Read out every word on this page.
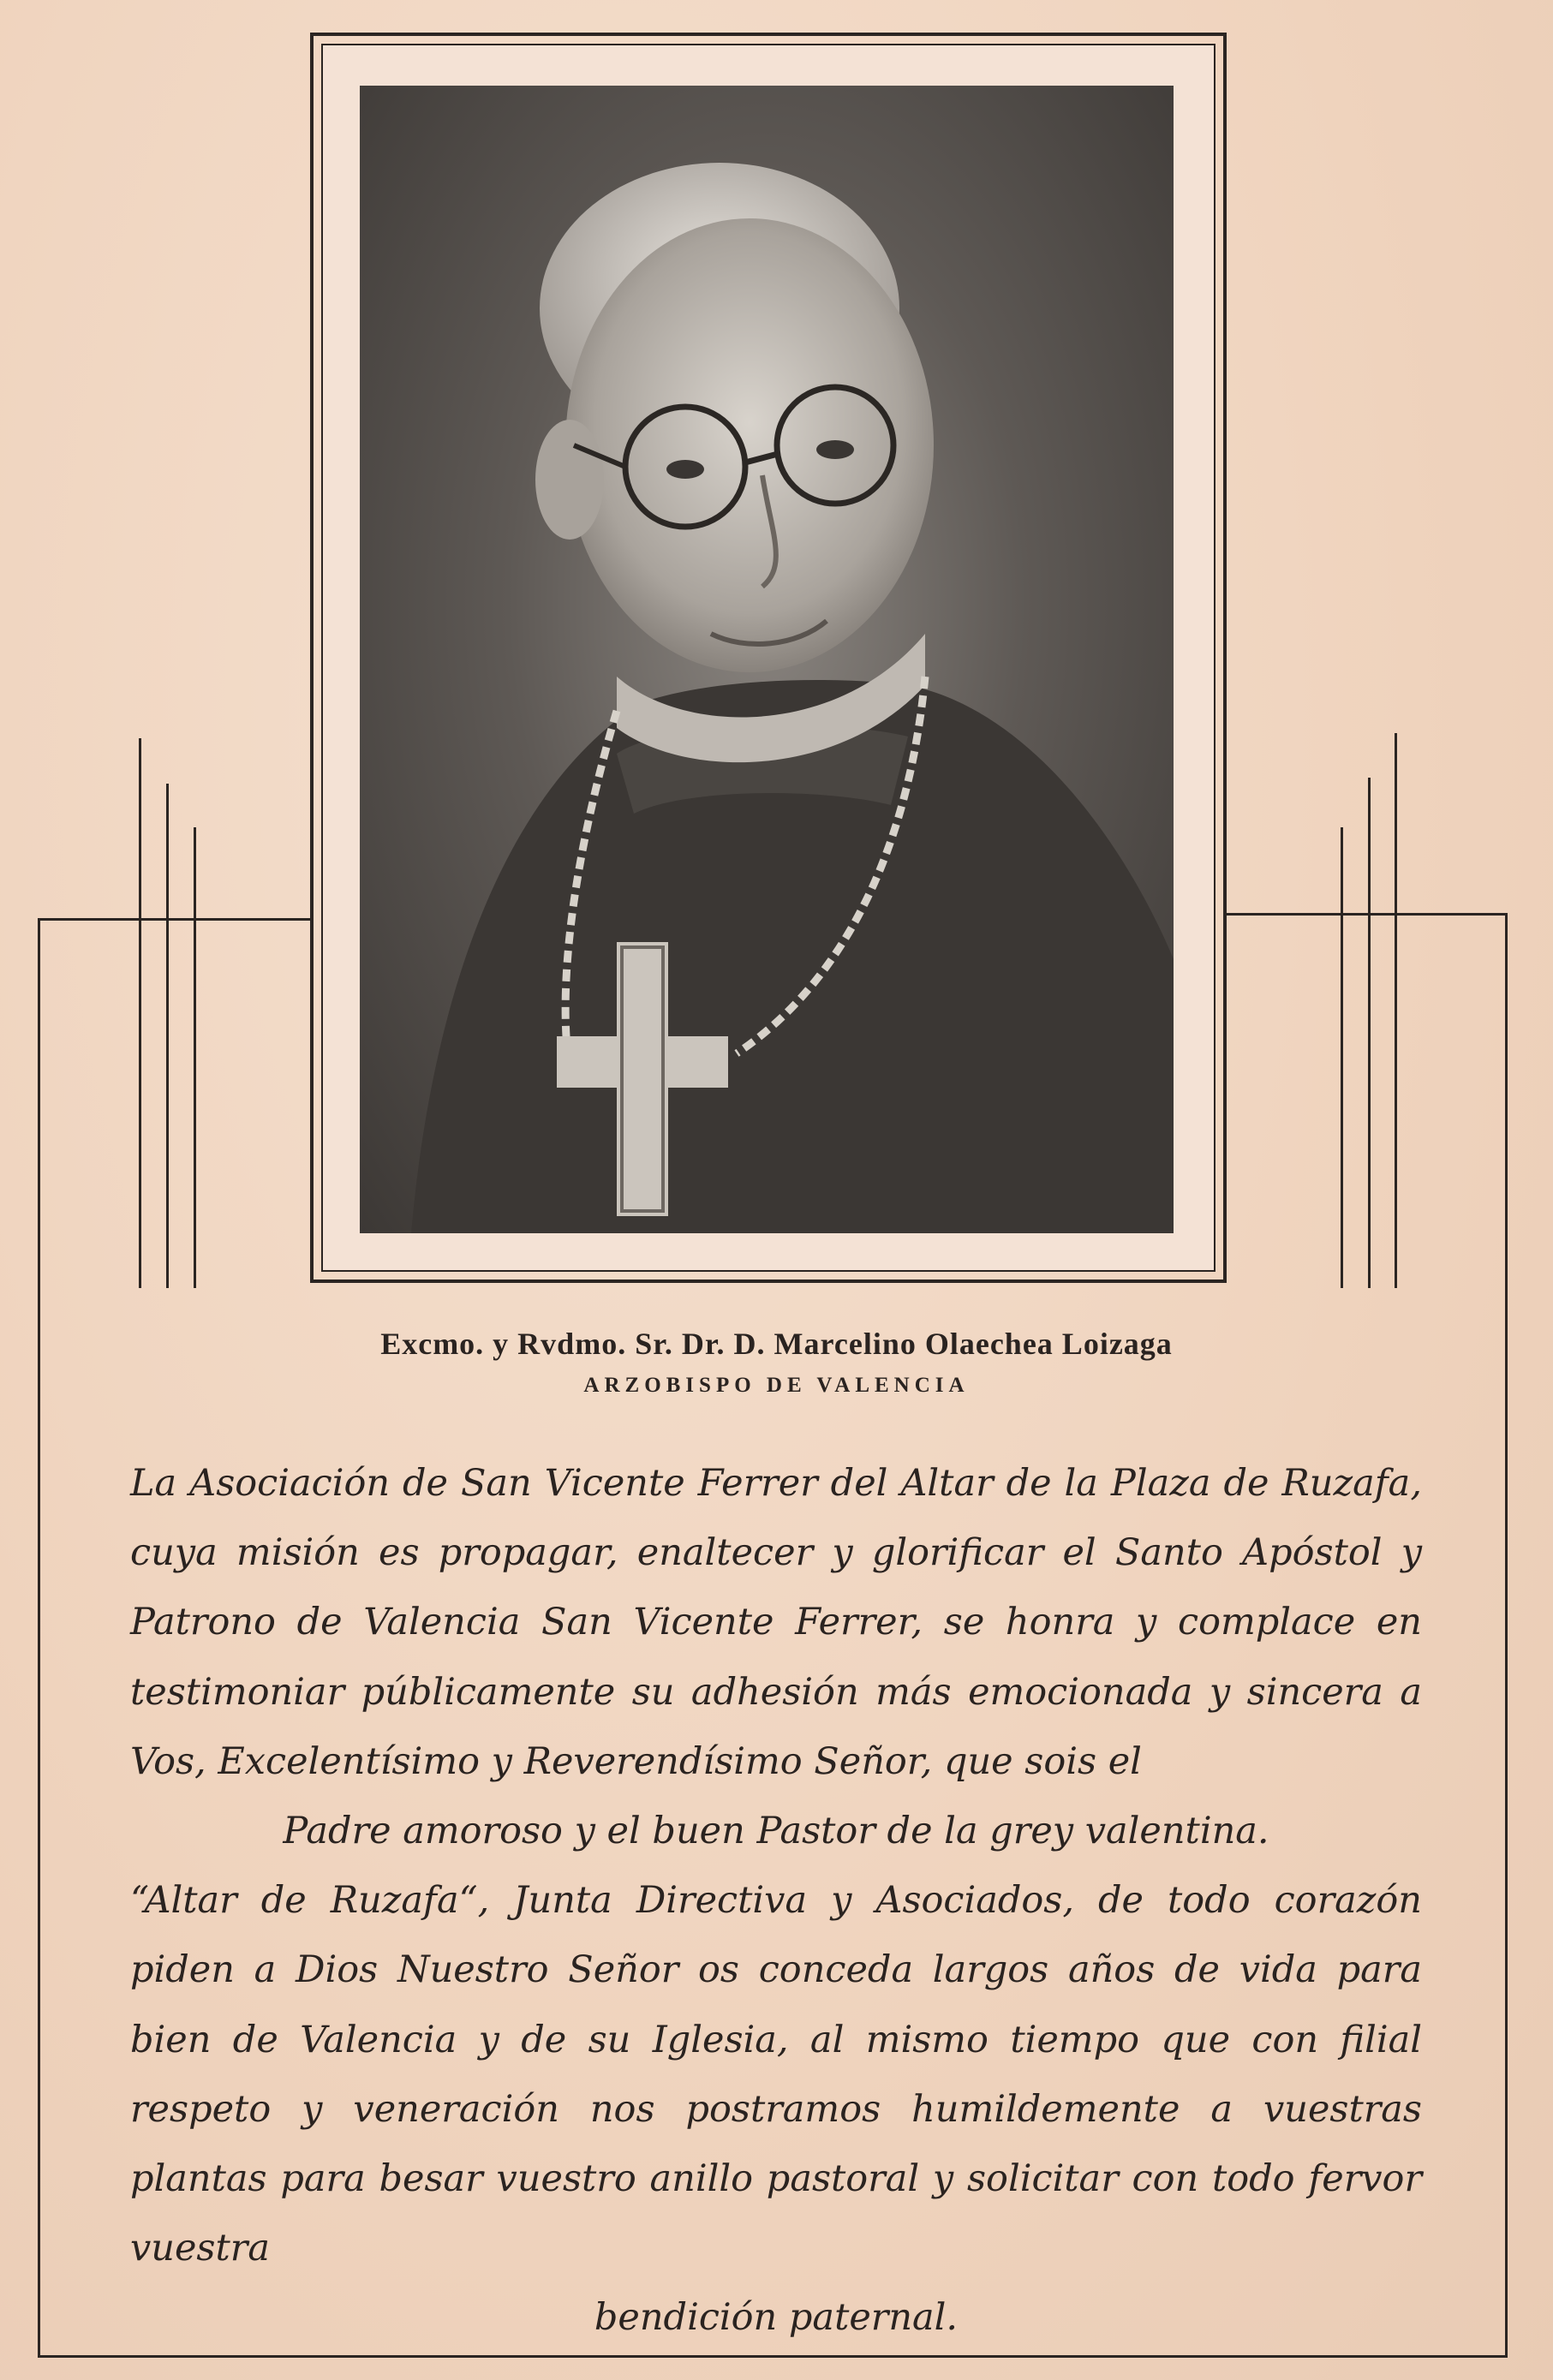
Excmo. y Rvdmo. Sr. Dr. D. Marcelino Olaechea Loizaga
ARZOBISPO DE VALENCIA

La Asociación de San Vicente Ferrer del Altar de la Plaza de Ruzafa, cuya misión es propagar, enaltecer y glorificar el Santo Apóstol y Patrono de Valencia San Vicente Ferrer, se honra y complace en testimoniar públicamente su adhesión más emocionada y sincera a Vos, Excelentísimo y Reverendísimo Señor, que sois el

Padre amoroso y el buen Pastor de la grey valentina.

“Altar de Ruzafa“, Junta Directiva y Asociados, de todo corazón piden a Dios Nuestro Señor os conceda largos años de vida para bien de Valencia y de su Iglesia, al mismo tiempo que con filial respeto y veneración nos postramos humildemente a vuestras plantas para besar vuestro anillo pastoral y solicitar con todo fervor vuestra

bendición paternal.
